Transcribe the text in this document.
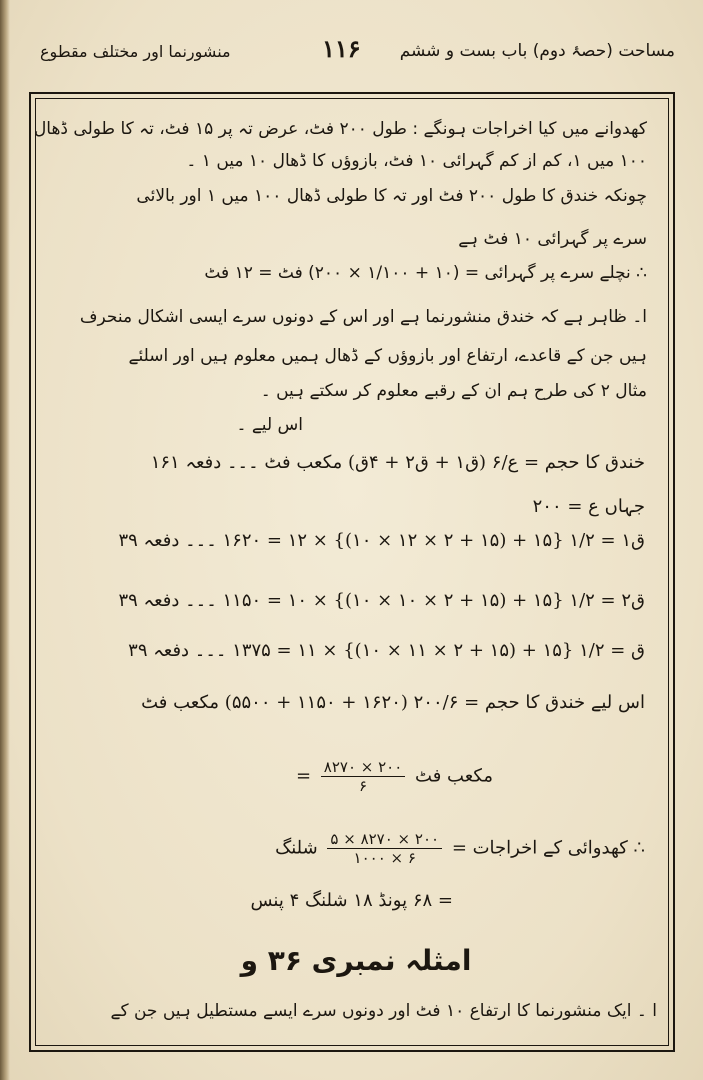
مساحت (حصۂ دوم) باب بست و ششم
۱۱۶
منشورنما اور مختلف مقطوع
کھدوانے میں کیا اخراجات ہونگے : طول ۲۰۰ فٹ، عرض تہ پر ۱۵ فٹ، تہ کا طولی ڈھال
۱۰۰ میں ۱، کم از کم گہرائی ۱۰ فٹ، بازوؤں کا ڈھال ۱۰ میں ۱ ۔
چونکہ خندق کا طول ۲۰۰ فٹ اور تہ کا طولی ڈھال ۱۰۰ میں ۱ اور بالائی
سرے پر گہرائی ۱۰ فٹ ہے
∴ نچلے سرے پر گہرائی = (۱۰ + ۱/۱۰۰ × ۲۰۰) فٹ = ۱۲ فٹ
ا۔ ظاہر ہے کہ خندق منشورنما ہے اور اس کے دونوں سرے ایسی اشکال منحرف
ہیں جن کے قاعدے، ارتفاع اور بازوؤں کے ڈھال ہمیں معلوم ہیں اور اسلئے
مثال ۲ کی طرح ہم ان کے رقبے معلوم کر سکتے ہیں ۔
اس لیے ۔
خندق کا حجم = ع/۶ (ق۱ + ق۲ + ۴ق) مکعب فٹ ۔۔۔ دفعہ ۱۶۱
جہاں ع = ۲۰۰
ق۱ = ۱/۲ {۱۵ + (۱۵ + ۲ × ۱۲ × ۱۰)} × ۱۲ = ۱۶۲۰ ۔۔۔ دفعہ ۳۹
ق۲ = ۱/۲ {۱۵ + (۱۵ + ۲ × ۱۰ × ۱۰)} × ۱۰ = ۱۱۵۰ ۔۔۔ دفعہ ۳۹
ق = ۱/۲ {۱۵ + (۱۵ + ۲ × ۱۱ × ۱۰)} × ۱۱ = ۱۳۷۵ ۔۔۔ دفعہ ۳۹
اس لیے خندق کا حجم = ۲۰۰/۶ (۱۶۲۰ + ۱۱۵۰ + ۵۵۰۰) مکعب فٹ
مکعب فٹ
$\frac{۸۲۷۰ \times ۲۰۰}{۶}$
=
∴ کھدوائی کے اخراجات =
$\frac{۵ \times ۸۲۷۰ \times ۲۰۰}{۱۰۰۰ \times ۶}$
شلنگ
= ۶۸ پونڈ ۱۸ شلنگ ۴ پنس
امثلہ نمبری ۳۶ و
ا ۔ ایک منشورنما کا ارتفاع ۱۰ فٹ اور دونوں سرے ایسے مستطیل ہیں جن کے
